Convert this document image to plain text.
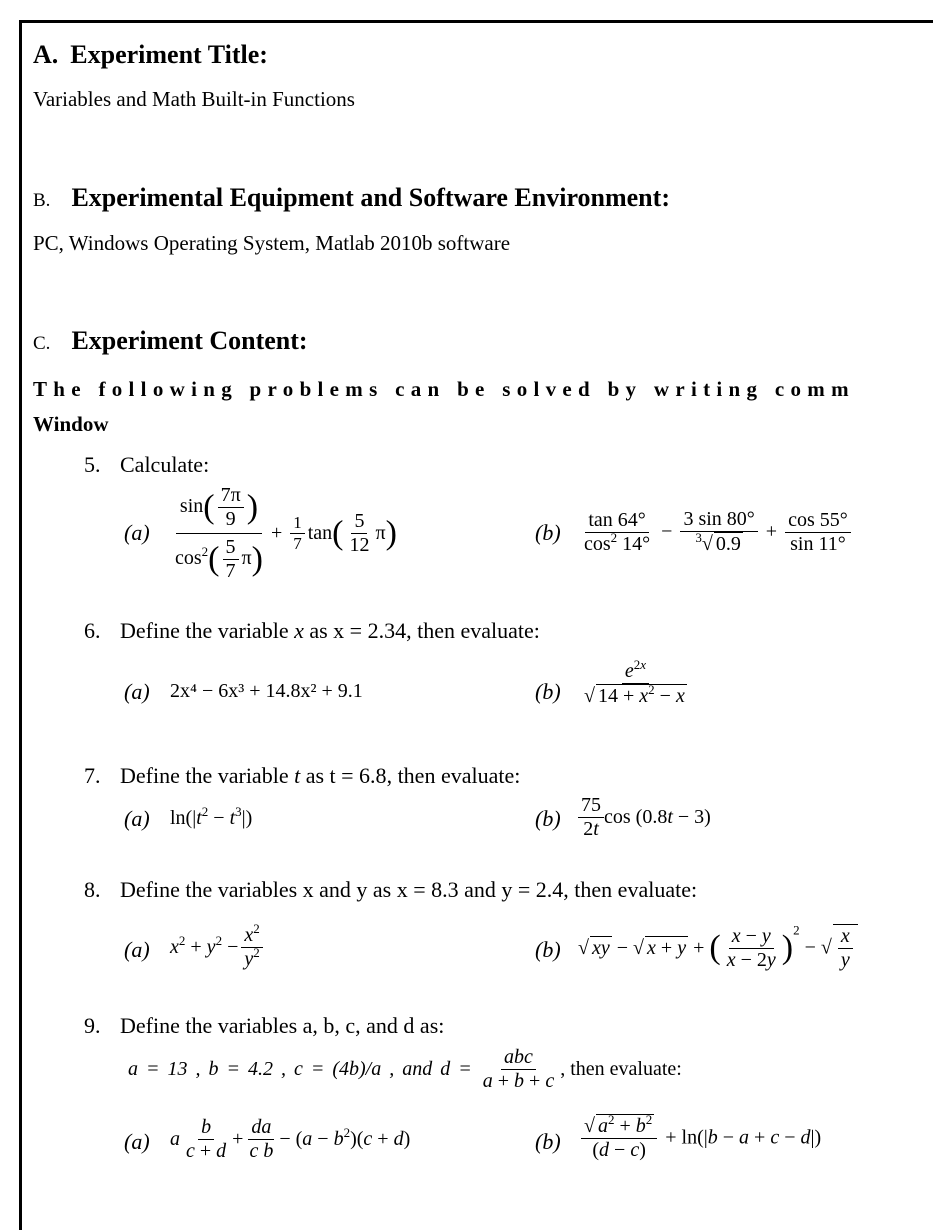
A. Experiment Title:
Variables and Math Built-in Functions
B. Experimental Equipment and Software Environment:
PC, Windows Operating System, Matlab 2010b software
C. Experiment Content:
The following problems can be solved by writing comm
Window
5. Calculate:
$(a) \frac{\sin( \frac{7\pi}{9} )}{\cos^2( \frac{5}{7} \pi)} + \frac{1}{7} \tan( \frac{5}{12} \pi)$	$(b) \frac{\tan 64^\circ}{\cos^2 14^\circ} - \frac{3 \sin 80^\circ}{^3√ 0.9} + \frac{\cos 55^\circ}{\sin 11^\circ}$
6. Define the variable x as x = 2.34, then evaluate:
(a) 2x⁴ − 6x³ + 14.8x² + 9.1	$(b) \frac{e^{2x}}{√ 14 + x^2 - x}$
7. Define the variable t as t = 6.8, then evaluate:
(a) $\ln(|t^2 - t^3|)$	$(b) \frac{75}{2t}$ cos (0.8t − 3)
8. Define the variables x and y as x = 8.3 and y = 2.4, then evaluate:
(a) $x^2 + y^2 - \frac{x^2}{y^2}$	(b) √ xy − √ x + y + ( $\frac{x - y}{x - 2y} )^2$ − √ $\frac{x}{y}$
9. Define the variables a, b, c, and d as:
a = 13 , b = 4.2 , c = (4b)/a , and $d = \frac{\text{abc}}{a + b + c}$ , then evaluate:
(a) a $\frac{b}{c + d} + \frac{da}{\text{c b}} - (a - b^2)(c + d)$	$(b) \frac{√ a^2 + b^2}{(d - c)} + \ln(|b - a + c - d|)$
